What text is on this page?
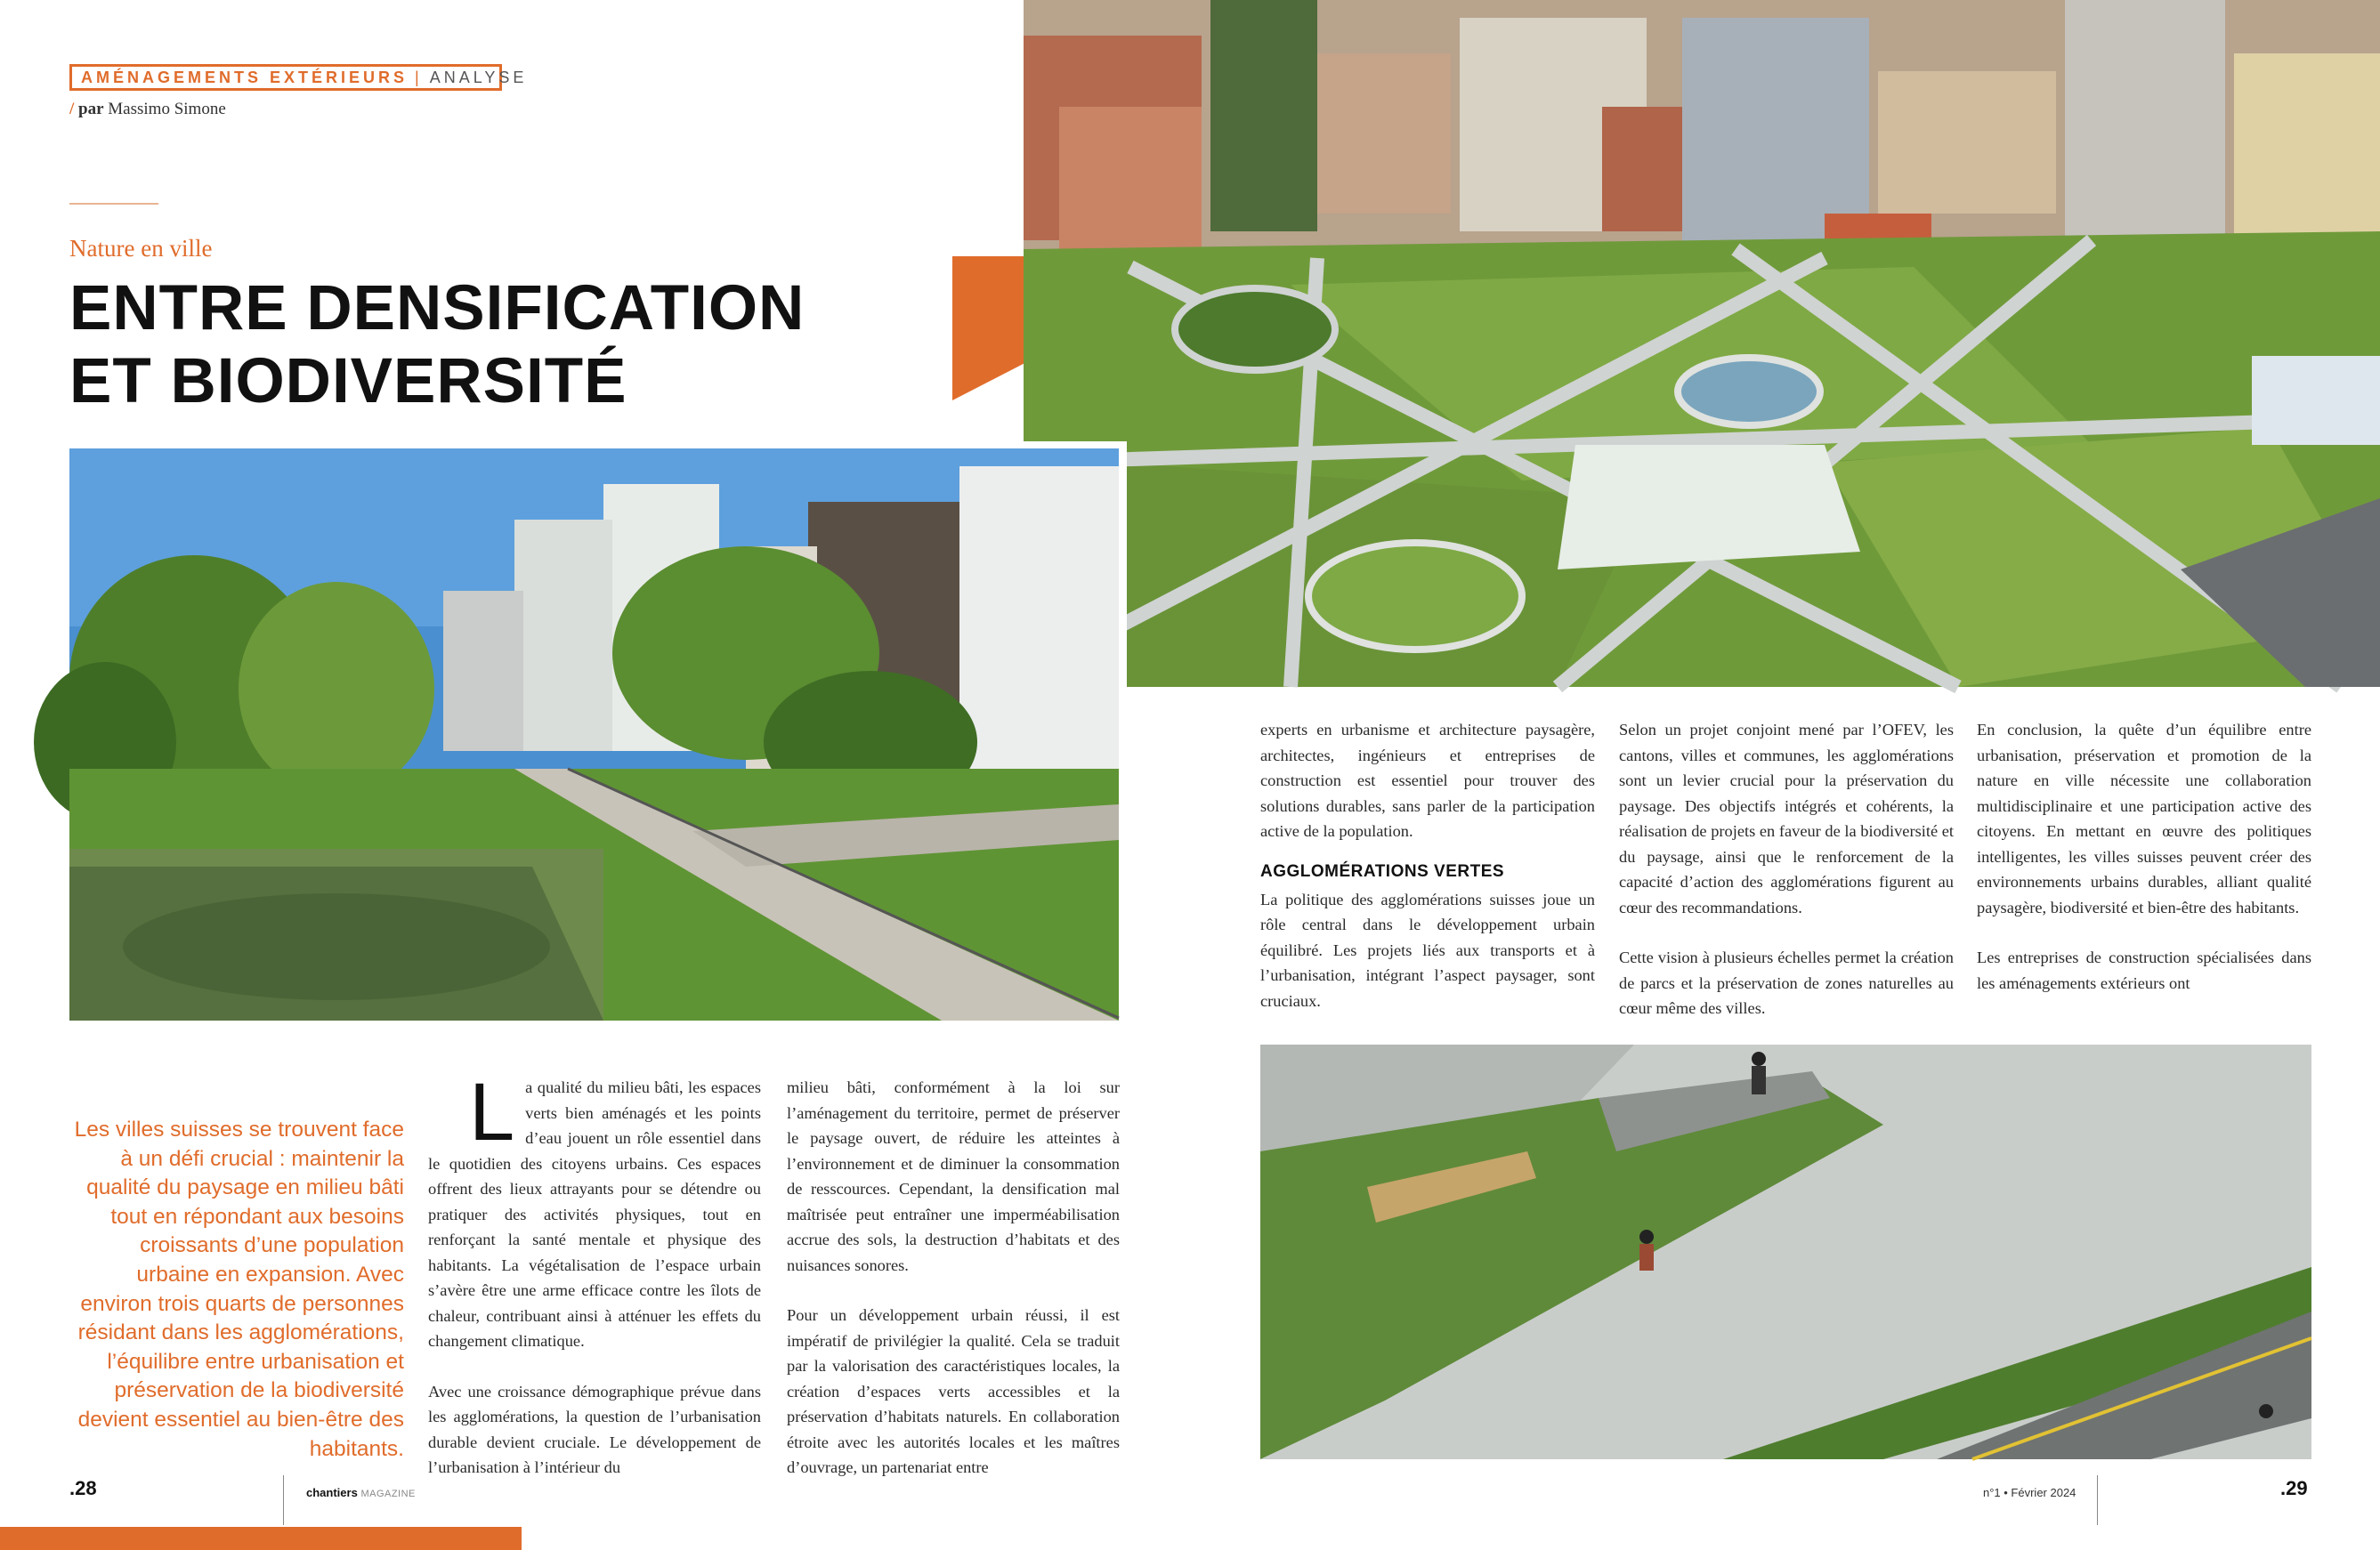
AMÉNAGEMENTS EXTÉRIEURS | ANALYSE
/ par Massimo Simone
Nature en ville
ENTRE DENSIFICATION
ET BIODIVERSITÉ
Les villes suisses se trouvent face à un défi crucial : maintenir la qualité du paysage en milieu bâti tout en répondant aux besoins croissants d’une population urbaine en expansion. Avec environ trois quarts de personnes résidant dans les agglomérations, l’équilibre entre urbanisation et préservation de la biodiversité devient essentiel au bien-être des habitants.

La qualité du milieu bâti, les espaces verts bien aménagés et les points d’eau jouent un rôle essentiel dans le quotidien des citoyens urbains. Ces espaces offrent des lieux attrayants pour se détendre ou pratiquer des activités physiques, tout en renforçant la santé mentale et physique des habitants. La végétalisation de l’espace urbain s’avère être une arme efficace contre les îlots de chaleur, contribuant ainsi à atténuer les effets du changement climatique.

Avec une croissance démographique prévue dans les agglomérations, la question de l’urbanisation durable devient cruciale. Le développement de l’urbanisation à l’intérieur du

milieu bâti, conformément à la loi sur l’aménagement du territoire, permet de préserver le paysage ouvert, de réduire les atteintes à l’environnement et de diminuer la consommation de resscources. Cependant, la densification mal maîtrisée peut entraîner une imperméabilisation accrue des sols, la destruction d’habitats et des nuisances sonores.

Pour un développement urbain réussi, il est impératif de privilégier la qualité. Cela se traduit par la valorisation des caractéristiques locales, la création d’espaces verts accessibles et la préservation d’habitats naturels. En collaboration étroite avec les autorités locales et les maîtres d’ouvrage, un partenariat entre

experts en urbanisme et architecture paysagère, architectes, ingénieurs et entreprises de construction est essentiel pour trouver des solutions durables, sans parler de la participation active de la population.

AGGLOMÉRATIONS VERTES

La politique des agglomérations suisses joue un rôle central dans le développement urbain équilibré. Les projets liés aux transports et à l’urbanisation, intégrant l’aspect paysager, sont cruciaux.

Selon un projet conjoint mené par l’OFEV, les cantons, villes et communes, les agglomérations sont un levier crucial pour la préservation du paysage. Des objectifs intégrés et cohérents, la réalisation de projets en faveur de la biodiversité et du paysage, ainsi que le renforcement de la capacité d’action des agglomérations figurent au cœur des recommandations.

Cette vision à plusieurs échelles permet la création de parcs et la préservation de zones naturelles au cœur même des villes.

En conclusion, la quête d’un équilibre entre urbanisation, préservation et promotion de la nature en ville nécessite une collaboration multidisciplinaire et une participation active des citoyens. En mettant en œuvre des politiques intelligentes, les villes suisses peuvent créer des environnements urbains durables, alliant qualité paysagère, biodiversité et bien-être des habitants.

Les entreprises de construction spécialisées dans les aménagements extérieurs ont

.28	chantiers MAGAZINE	n°1 • Février 2024	.29
